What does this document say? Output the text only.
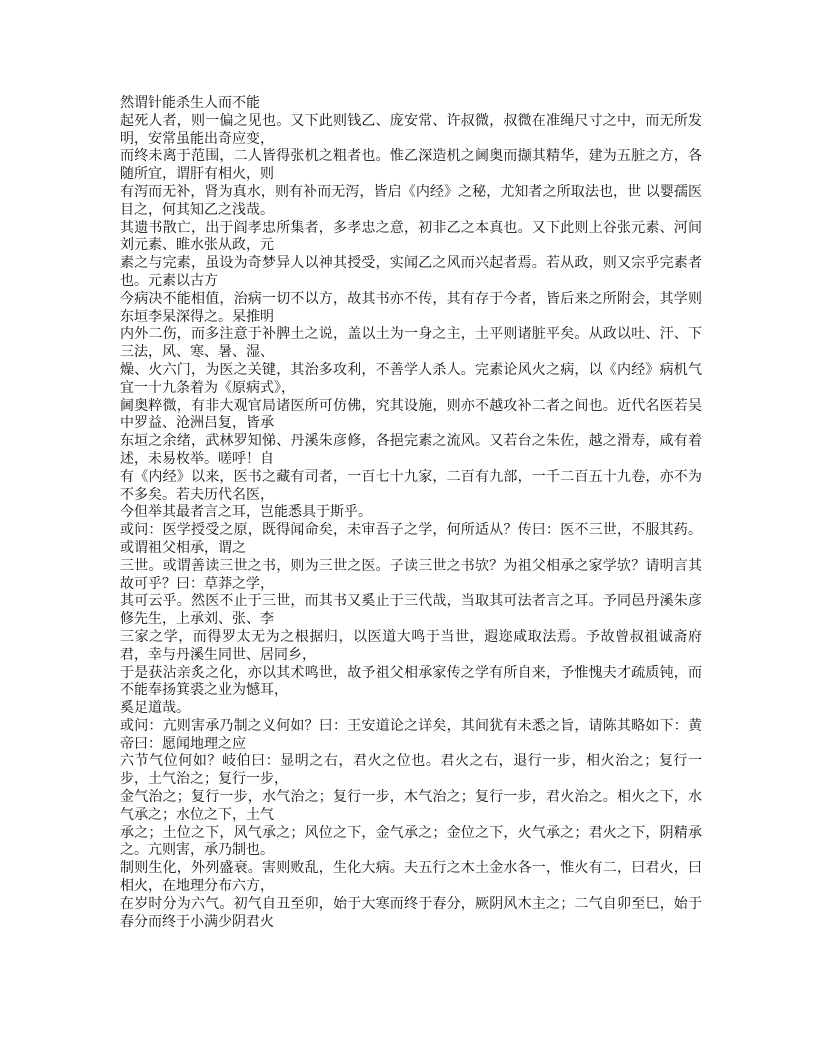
然谓针能杀生人而不能

起死人者，则一偏之见也。又下此则钱乙、庞安常、许叔微，叔微在准绳尺寸之中，而无所发明，安常虽能出奇应变，

而终未离于范围，二人皆得张机之粗者也。惟乙深造机之阃奥而撷其精华，建为五脏之方，各随所宜，谓肝有相火，则

有泻而无补，肾为真水，则有补而无泻，皆启《内经》之秘，尤知者之所取法也，世 以婴孺医目之，何其知乙之浅哉。

其遗书散亡，出于阎孝忠所集者，多孝忠之意，初非乙之本真也。又下此则上谷张元素、河间刘元素、睢水张从政，元

素之与完素，虽设为奇梦异人以神其授受，实闻乙之风而兴起者焉。若从政，则又宗乎完素者也。元素以古方

今病决不能相值，治病一切不以方，故其书亦不传，其有存于今者，皆后来之所附会，其学则东垣李杲深得之。杲推明

内外二伤，而多注意于补脾土之说，盖以土为一身之主，土平则诸脏平矣。从政以吐、汗、下三法，风、寒、暑、湿、

燥、火六门，为医之关键，其治多攻利，不善学人杀人。完素论风火之病，以《内经》病机气宜一十九条着为《原病式》，

阃奥粹微，有非大观官局诸医所可仿佛，究其设施，则亦不越攻补二者之间也。近代名医若吴中罗益、沧洲吕复，皆承

东垣之余绪，武林罗知悌、丹溪朱彦修，各挹完素之流风。又若台之朱佐，越之滑寿，咸有着述，未易枚举。嗟呼！自

有《内经》以来，医书之藏有司者，一百七十九家，二百有九部，一千二百五十九卷，亦不为不多矣。若夫历代名医，

今但举其最者言之耳，岂能悉具于斯乎。

或问：医学授受之原，既得闻命矣，未审吾子之学，何所适从？传曰：医不三世，不服其药。或谓祖父相承，谓之

三世。或谓善读三世之书，则为三世之医。子读三世之书欤？为祖父相承之家学欤？请明言其故可乎？曰：草莽之学，

其可云乎。然医不止于三世，而其书又奚止于三代哉，当取其可法者言之耳。予同邑丹溪朱彦修先生，上承刘、张、李

三家之学，而得罗太无为之根据归，以医道大鸣于当世，遐迩咸取法焉。予故曾叔祖诚斋府君，幸与丹溪生同世、居同乡，

于是获沾亲炙之化，亦以其术鸣世，故予祖父相承家传之学有所自来，予惟愧夫才疏质钝，而不能奉扬箕裘之业为憾耳，

奚足道哉。

或问：亢则害承乃制之义何如？曰：王安道论之详矣，其间犹有未悉之旨，请陈其略如下：黄帝曰：愿闻地理之应

六节气位何如？岐伯曰：显明之右，君火之位也。君火之右，退行一步，相火治之；复行一步，土气治之；复行一步，

金气治之；复行一步，水气治之；复行一步，木气治之；复行一步，君火治之。相火之下，水气承之；水位之下，土气

承之；土位之下，风气承之；风位之下，金气承之；金位之下，火气承之；君火之下，阴精承之。亢则害，承乃制也。

制则生化，外列盛衰。害则败乱，生化大病。夫五行之木土金水各一，惟火有二，曰君火，曰相火，在地理分布六方，

在岁时分为六气。初气自丑至卯，始于大寒而终于春分，厥阴风木主之；二气自卯至巳，始于春分而终于小满少阴君火
